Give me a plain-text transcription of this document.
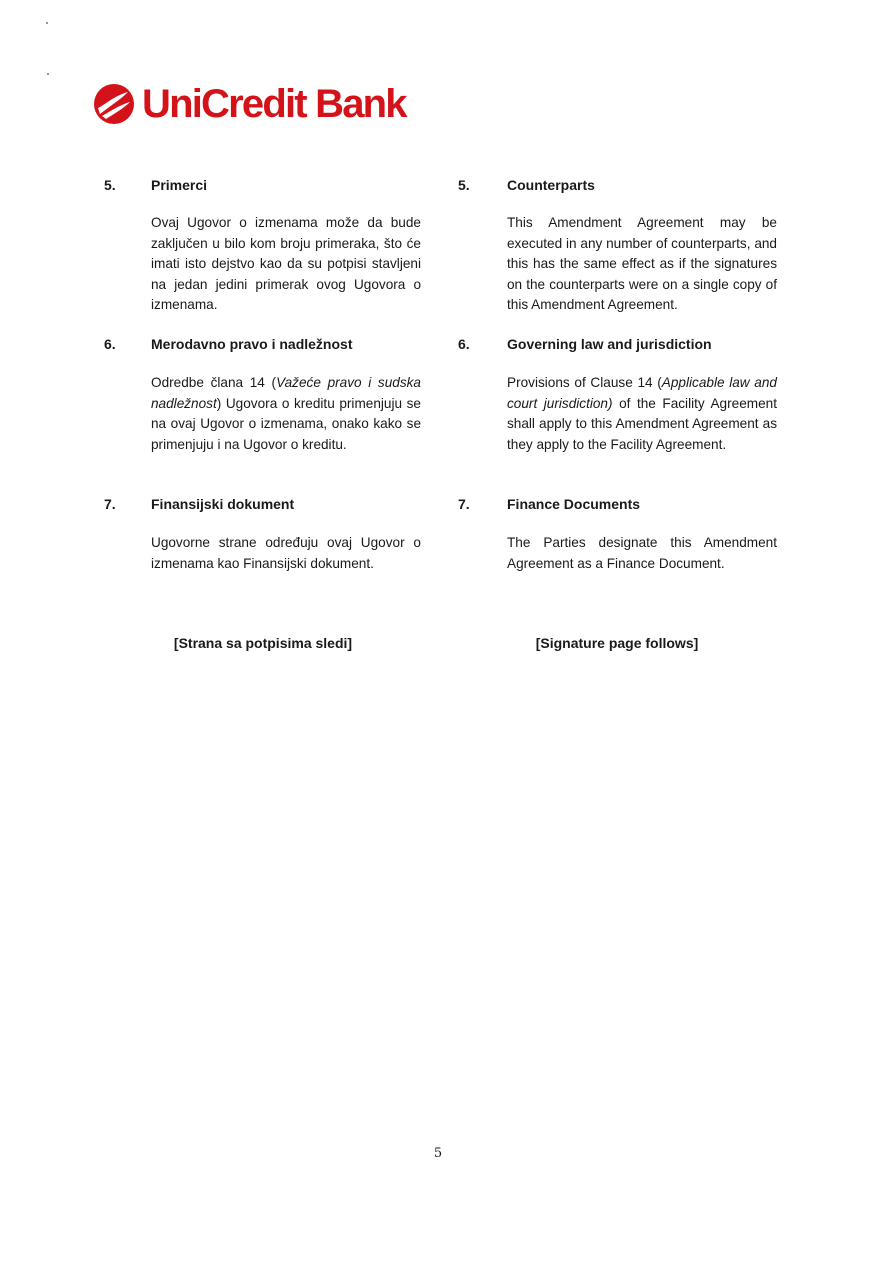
UniCredit Bank
5.	Primerci
Ovaj Ugovor o izmenama može da bude zaključen u bilo kom broju primeraka, što će imati isto dejstvo kao da su potpisi stavljeni na jedan jedini primerak ovog Ugovora o izmenama.
5.	Counterparts
This Amendment Agreement may be executed in any number of counterparts, and this has the same effect as if the signatures on the counterparts were on a single copy of this Amendment Agreement.
6.	Merodavno pravo i nadležnost
Odredbe člana 14 (Važeće pravo i sudska nadležnost) Ugovora o kreditu primenjuju se na ovaj Ugovor o izmenama, onako kako se primenjuju i na Ugovor o kreditu.
6.	Governing law and jurisdiction
Provisions of Clause 14 (Applicable law and court jurisdiction) of the Facility Agreement shall apply to this Amendment Agreement as they apply to the Facility Agreement.
7.	Finansijski dokument
Ugovorne strane određuju ovaj Ugovor o izmenama kao Finansijski dokument.
7.	Finance Documents
The Parties designate this Amendment Agreement as a Finance Document.
[Strana sa potpisima sledi]	[Signature page follows]
5
